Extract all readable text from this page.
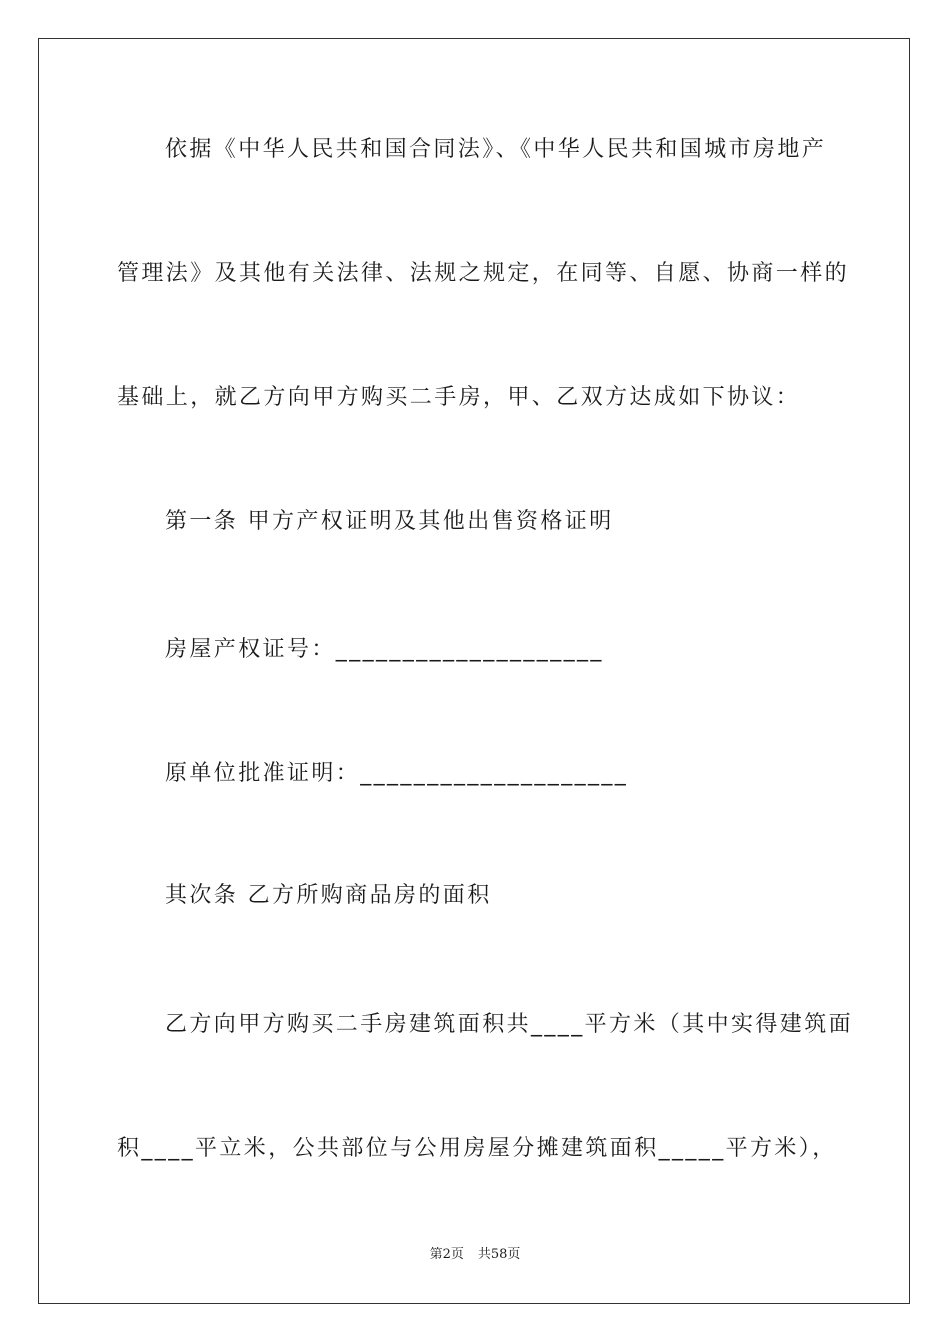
依据《中华人民共和国合同法》、《中华人民共和国城市房地产
管理法》及其他有关法律、法规之规定，在同等、自愿、协商一样的
基础上，就乙方向甲方购买二手房，甲、乙双方达成如下协议：
第一条 甲方产权证明及其他出售资格证明
房屋产权证号：____________________
原单位批准证明：____________________
其次条 乙方所购商品房的面积
乙方向甲方购买二手房建筑面积共____平方米（其中实得建筑面
积____平立米，公共部位与公用房屋分摊建筑面积_____平方米），
第2页 共58页
